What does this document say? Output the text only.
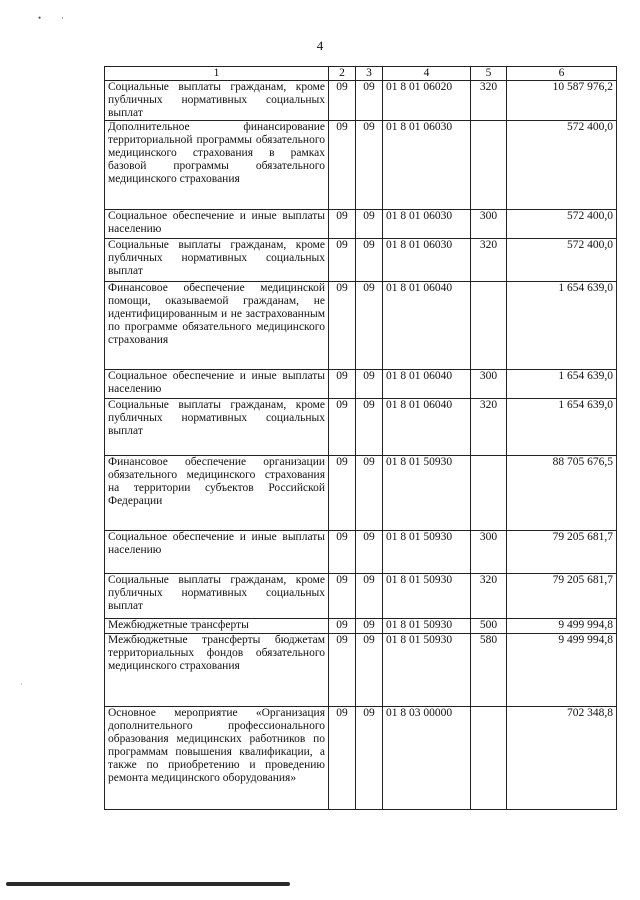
• ·
·
4
1	2	3	4	5	6
Социальные выплаты гражданам, кроме публичных нормативных социальных выплат	09	09	01 8 01 06020	320	10 587 976,2
Дополнительное финансирование территориальной программы обязательного медицинского страхования в рамках базовой программы обязательного медицинского страхования	09	09	01 8 01 06030		572 400,0
Социальное обеспечение и иные выплаты населению	09	09	01 8 01 06030	300	572 400,0
Социальные выплаты гражданам, кроме публичных нормативных социальных выплат	09	09	01 8 01 06030	320	572 400,0
Финансовое обеспечение медицинской помощи, оказываемой гражданам, не идентифицированным и не застрахованным по программе обязательного медицинского страхования	09	09	01 8 01 06040		1 654 639,0
Социальное обеспечение и иные выплаты населению	09	09	01 8 01 06040	300	1 654 639,0
Социальные выплаты гражданам, кроме публичных нормативных социальных выплат	09	09	01 8 01 06040	320	1 654 639,0
Финансовое обеспечение организации обязательного медицинского страхования на территории субъектов Российской Федерации	09	09	01 8 01 50930		88 705 676,5
Социальное обеспечение и иные выплаты населению	09	09	01 8 01 50930	300	79 205 681,7
Социальные выплаты гражданам, кроме публичных нормативных социальных выплат	09	09	01 8 01 50930	320	79 205 681,7
Межбюджетные трансферты	09	09	01 8 01 50930	500	9 499 994,8
Межбюджетные трансферты бюджетам территориальных фондов обязательного медицинского страхования	09	09	01 8 01 50930	580	9 499 994,8
Основное мероприятие «Организация дополнительного профессионального образования медицинских работников по программам повышения квалификации, а также по приобретению и проведению ремонта медицинского оборудования»	09	09	01 8 03 00000		702 348,8
